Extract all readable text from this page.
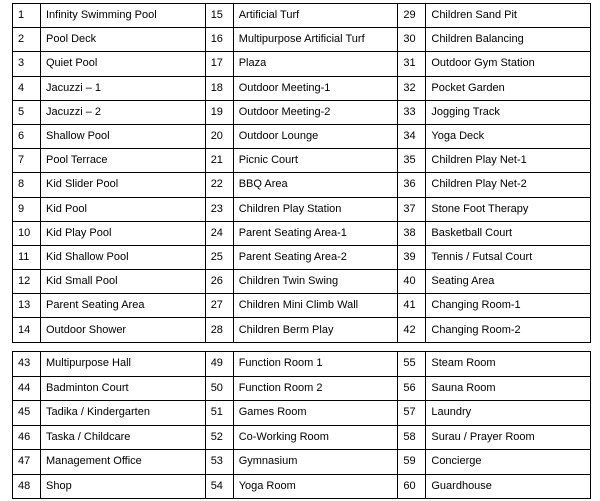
1	Infinity Swimming Pool	15	Artificial Turf	29	Children Sand Pit
2	Pool Deck	16	Multipurpose Artificial Turf	30	Children Balancing
3	Quiet Pool	17	Plaza	31	Outdoor Gym Station
4	Jacuzzi – 1	18	Outdoor Meeting-1	32	Pocket Garden
5	Jacuzzi – 2	19	Outdoor Meeting-2	33	Jogging Track
6	Shallow Pool	20	Outdoor Lounge	34	Yoga Deck
7	Pool Terrace	21	Picnic Court	35	Children Play Net-1
8	Kid Slider Pool	22	BBQ Area	36	Children Play Net-2
9	Kid Pool	23	Children Play Station	37	Stone Foot Therapy
10	Kid Play Pool	24	Parent Seating Area-1	38	Basketball Court
11	Kid Shallow Pool	25	Parent Seating Area-2	39	Tennis / Futsal Court
12	Kid Small Pool	26	Children Twin Swing	40	Seating Area
13	Parent Seating Area	27	Children Mini Climb Wall	41	Changing Room-1
14	Outdoor Shower	28	Children Berm Play	42	Changing Room-2
43	Multipurpose Hall	49	Function Room 1	55	Steam Room
44	Badminton Court	50	Function Room 2	56	Sauna Room
45	Tadika / Kindergarten	51	Games Room	57	Laundry
46	Taska / Childcare	52	Co-Working Room	58	Surau / Prayer Room
47	Management Office	53	Gymnasium	59	Concierge
48	Shop	54	Yoga Room	60	Guardhouse
